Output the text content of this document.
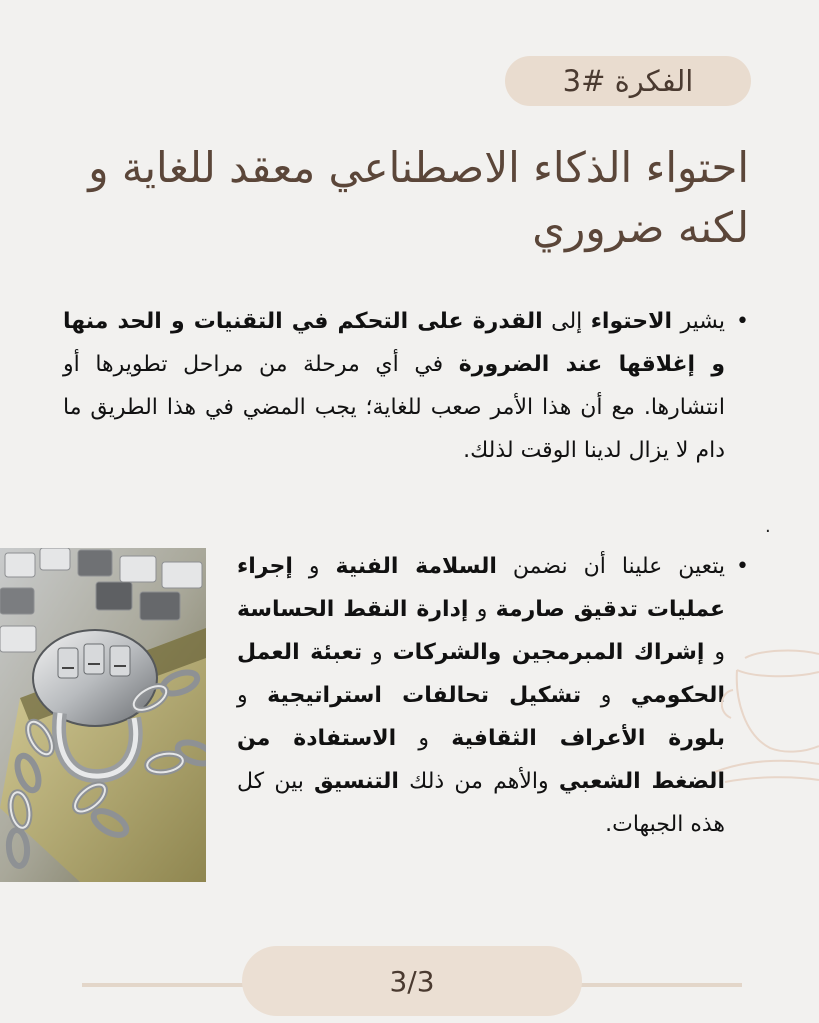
الفكرة #3
احتواء الذكاء الاصطناعي معقد للغاية و لكنه ضروري

•
يشير الاحتواء إلى القدرة على التحكم في التقنيات و الحد منها و إغلاقها عند الضرورة في أي مرحلة من مراحل تطويرها أو انتشارها. مع أن هذا الأمر صعب للغاية؛ يجب المضي في هذا الطريق ما دام لا يزال لدينا الوقت لذلك.

.

•
يتعين علينا أن نضمن السلامة الفنية و إجراء عمليات تدقيق صارمة و إدارة النقط الحساسة و إشراك المبرمجين والشركات و تعبئة العمل الحكومي و تشكيل تحالفات استراتيجية و بلورة الأعراف الثقافية و الاستفادة من الضغط الشعبي والأهم من ذلك التنسيق بين كل هذه الجبهات.

3/3
